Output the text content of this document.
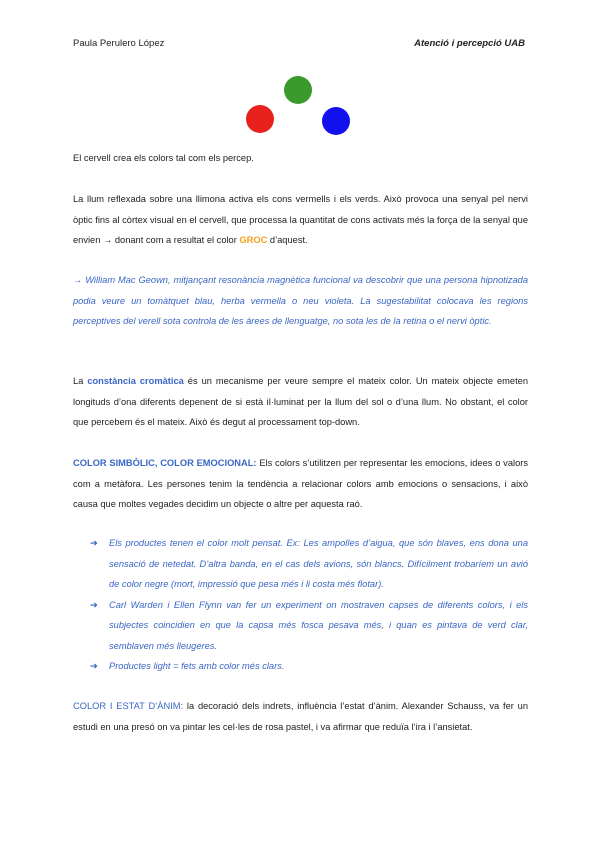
Paula Perulero López	Atenció i percepció UAB
El cervell crea els colors tal com els percep.
La llum reflexada sobre una llimona activa els cons vermells i els verds. Això provoca una senyal pel nervi òptic fins al còrtex visual en el cervell, que processa la quantitat de cons activats més la força de la senyal que envien → donant com a resultat el color GROC d’aquest.
→ William Mac Geown, mitjançant resonància magnètica funcional va descobrir que una persona hipnotizada podia veure un tomàtquet blau, herba vermella o neu violeta. La sugestabilitat colocava les regions perceptives del verell sota controla de les àrees de llenguatge, no sota les de la retina o el nervi òptic.
La constància cromàtica és un mecanisme per veure sempre el mateix color. Un mateix objecte emeten longituds d’ona diferents depenent de si està il·luminat per la llum del sol o d’una llum. No obstant, el color que percebem és el mateix. Això és degut al processament top-down.
COLOR SIMBÒLIC, COLOR EMOCIONAL: Els colors s’utilitzen per representar les emocions, idees o valors com a metàfora. Les persones tenim la tendència a relacionar colors amb emocions o sensacions, i això causa que moltes vegades decidim un objecte o altre per aquesta raó.
➔ Els productes tenen el color molt pensat. Ex: Les ampolles d’aigua, que són blaves, ens dona una sensació de netedat. D’altra banda, en el cas dels avions, són blancs. Difícilment trobaríem un avió de color negre (mort, impressió que pesa més i li costa més flotar).
➔ Carl Warden i Ellen Flynn van fer un experiment on mostraven capses de diferents colors, i els subjectes coincidien en que la capsa més fosca pesava més, i quan es pintava de verd clar, semblaven més lleugeres.
➔ Productes light = fets amb color més clars.
COLOR I ESTAT D’ÀNIM: la decoració dels indrets, influència l’estat d’ànim. Alexander Schauss, va fer un estudi en una presó on va pintar les cel·les de rosa pastel, i va afirmar que reduïa l’ira i l’ansietat.
